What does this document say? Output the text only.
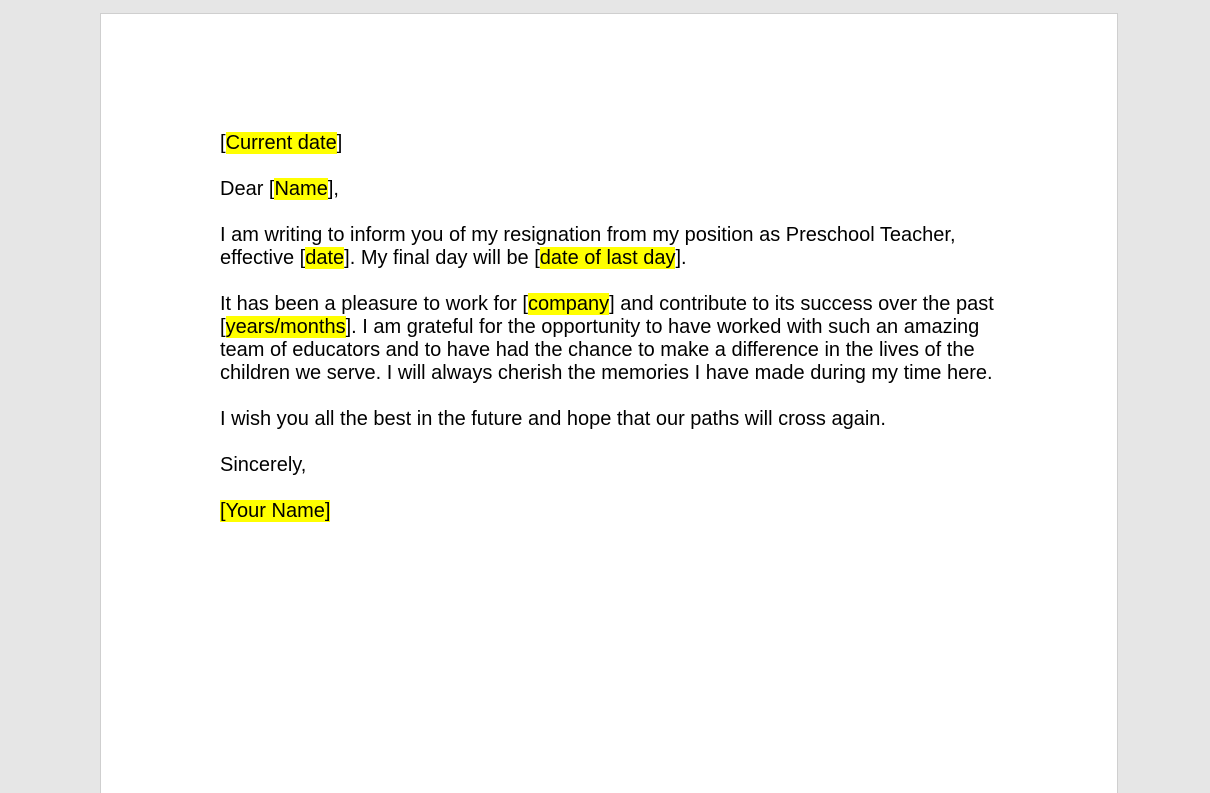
[Current date]

Dear [Name],

I am writing to inform you of my resignation from my position as Preschool Teacher, effective [date]. My final day will be [date of last day].

It has been a pleasure to work for [company] and contribute to its success over the past [years/months]. I am grateful for the opportunity to have worked with such an amazing team of educators and to have had the chance to make a difference in the lives of the children we serve. I will always cherish the memories I have made during my time here.

I wish you all the best in the future and hope that our paths will cross again.

Sincerely,

[Your Name]
